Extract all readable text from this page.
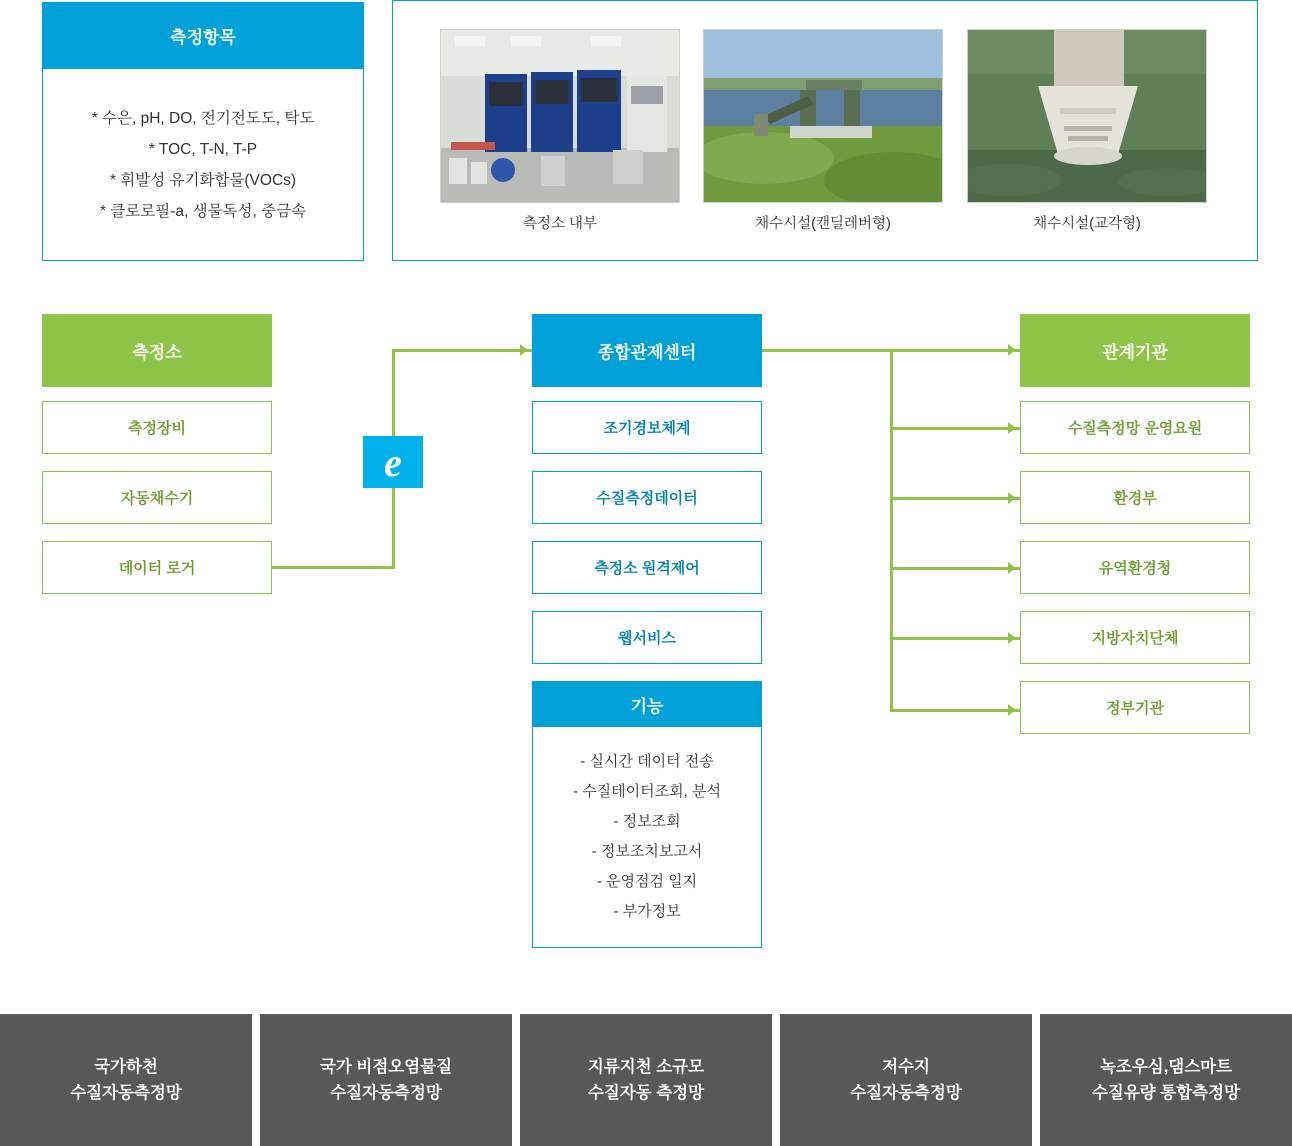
측정항목
* 수은, pH, DO, 전기전도도, 탁도
* TOC, T-N, T-P
* 휘발성 유기화합물(VOCs)
* 클로로필-a, 생물독성, 중금속
측정소 내부	채수시설(캔딜레버형)	채수시설(교각형)
e
측정소
측정장비
자동채수기
데이터 로거
종합관제센터
조기경보체계
수질측정데이터
측정소 원격제어
웹서비스
기능
- 실시간 데이터 전송
- 수질테이터조회, 분석
- 정보조회
- 정보조치보고서
- 운영점검 일지
- 부가정보
관계기관
수질측정망 운영요원
환경부
유역환경청
지방자치단체
정부기관
국가하천
수질자동측정망
국가 비점오염물질
수질자동측정망
지류지천 소규모
수질자동 측정망
저수지
수질자동측정망
녹조우심,댐스마트
수질유량 통합측정망
